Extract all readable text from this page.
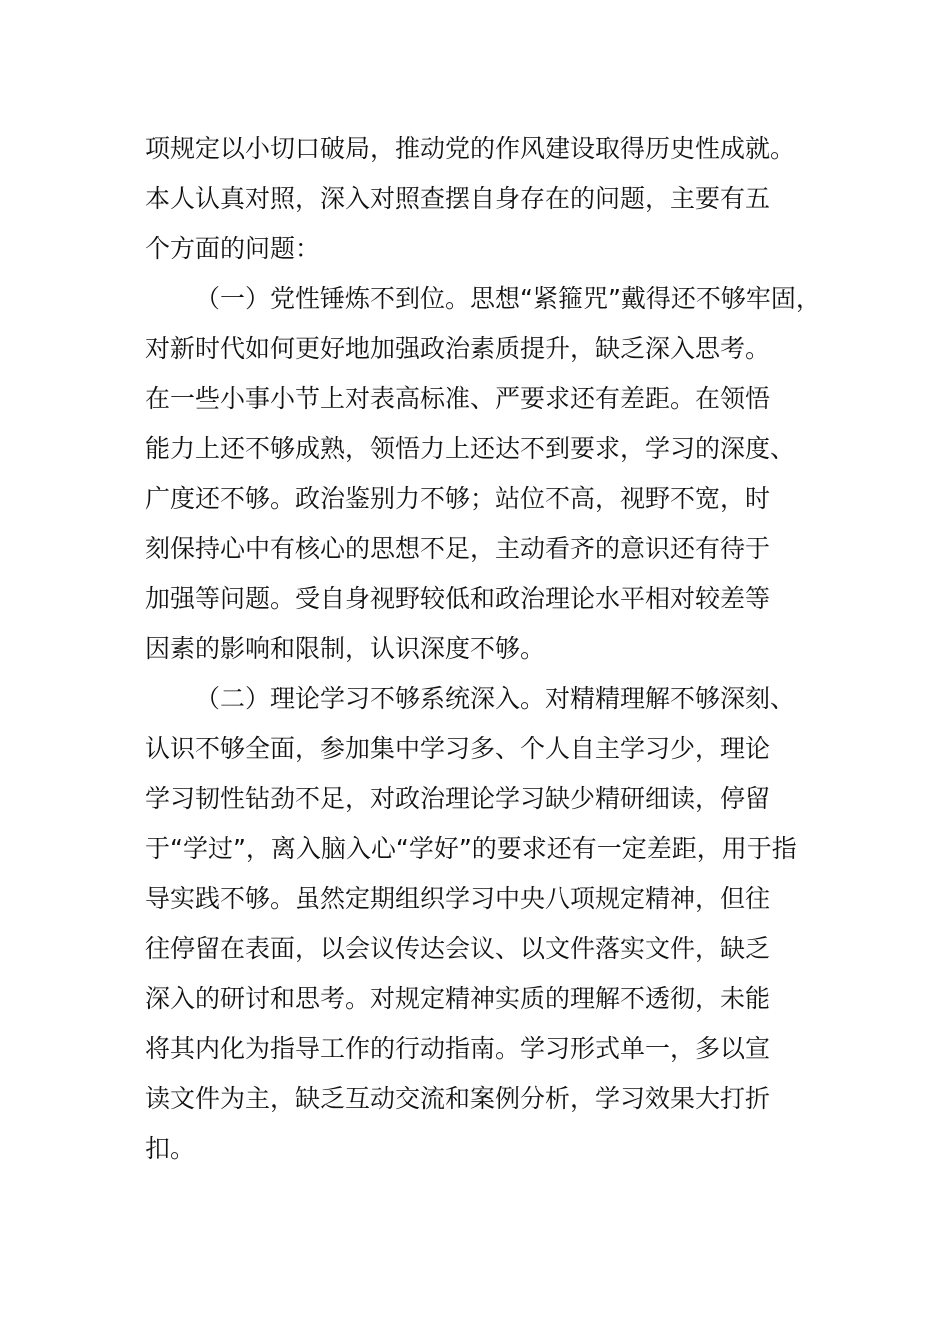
项规定以小切口破局，推动党的作风建设取得历史性成就。
本人认真对照，深入对照查摆自身存在的问题，主要有五
个方面的问题：
（一）党性锤炼不到位。思想“紧箍咒”戴得还不够牢固，
对新时代如何更好地加强政治素质提升，缺乏深入思考。
在一些小事小节上对表高标准、严要求还有差距。在领悟
能力上还不够成熟，领悟力上还达不到要求，学习的深度、
广度还不够。政治鉴别力不够；站位不高，视野不宽，时
刻保持心中有核心的思想不足，主动看齐的意识还有待于
加强等问题。受自身视野较低和政治理论水平相对较差等
因素的影响和限制，认识深度不够。
（二）理论学习不够系统深入。对精精理解不够深刻、
认识不够全面，参加集中学习多、个人自主学习少，理论
学习韧性钻劲不足，对政治理论学习缺少精研细读，停留
于“学过”，离入脑入心“学好”的要求还有一定差距，用于指
导实践不够。虽然定期组织学习中央八项规定精神，但往
往停留在表面，以会议传达会议、以文件落实文件，缺乏
深入的研讨和思考。对规定精神实质的理解不透彻，未能
将其内化为指导工作的行动指南。学习形式单一，多以宣
读文件为主，缺乏互动交流和案例分析，学习效果大打折
扣。
